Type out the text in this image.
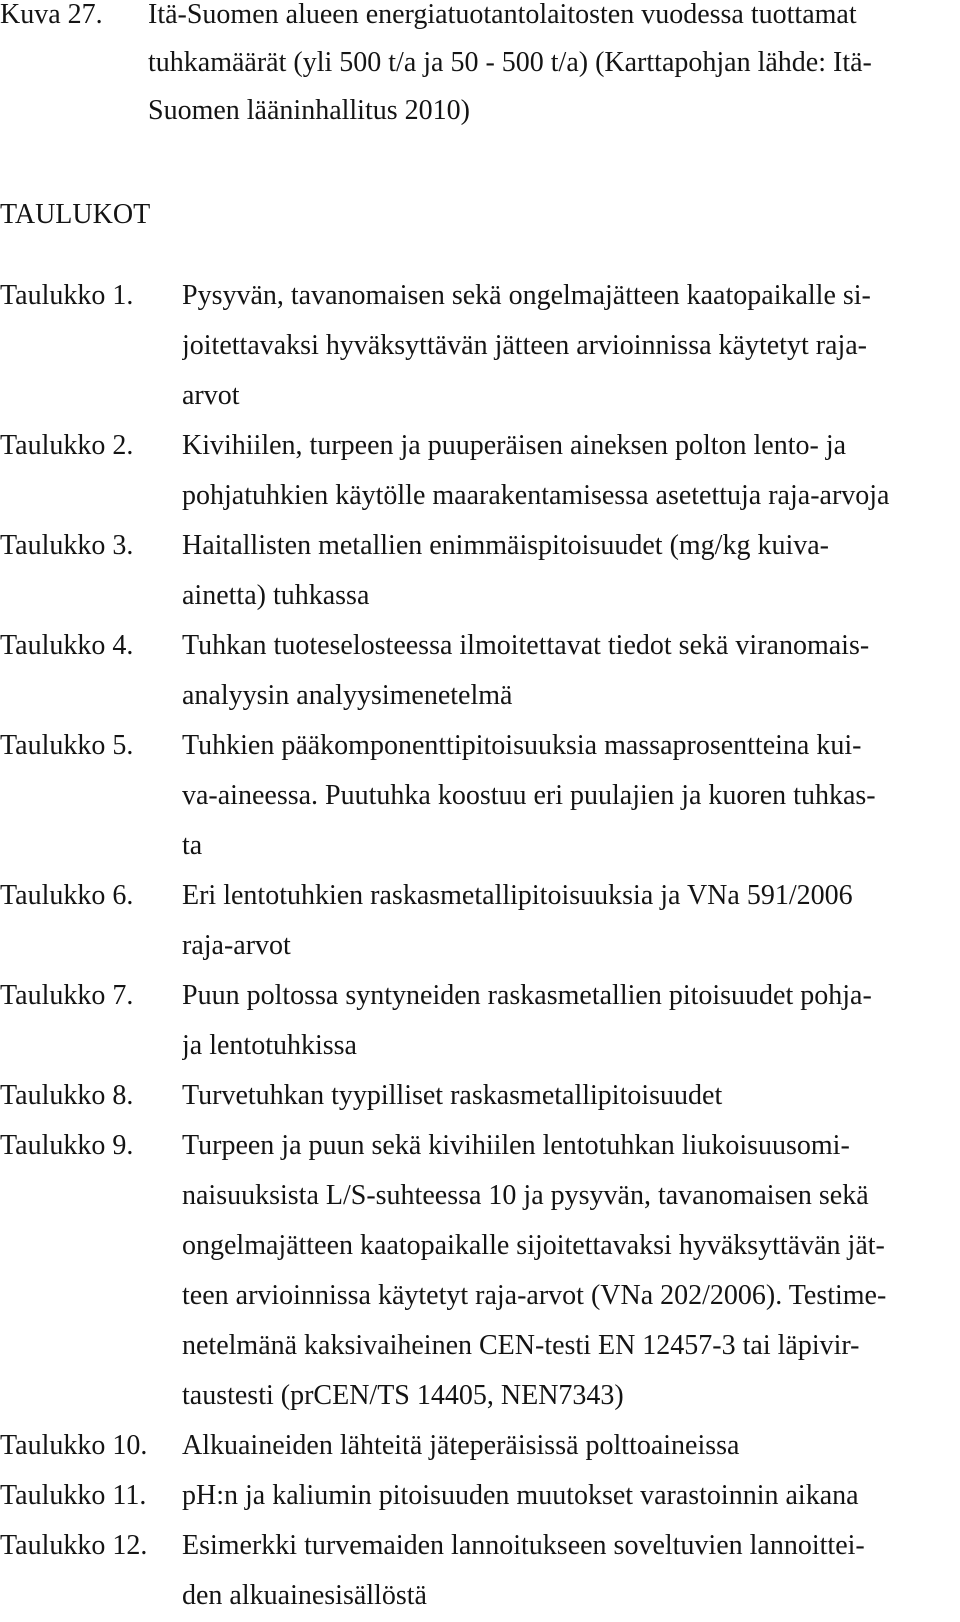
Kuva 27.	Itä-Suomen alueen energiatuotantolaitosten vuodessa tuottamat
tuhkamäärät (yli 500 t/a ja 50 - 500 t/a) (Karttapohjan lähde: Itä-
Suomen lääninhallitus 2010)
TAULUKOT
Taulukko 1.	Pysyvän, tavanomaisen sekä ongelmajätteen kaatopaikalle si-
joitettavaksi hyväksyttävän jätteen arvioinnissa käytetyt raja-
arvot
Taulukko 2.	Kivihiilen, turpeen ja puuperäisen aineksen polton lento- ja
pohjatuhkien käytölle maarakentamisessa asetettuja raja-arvoja
Taulukko 3.	Haitallisten metallien enimmäispitoisuudet (mg/kg kuiva-
ainetta) tuhkassa
Taulukko 4.	Tuhkan tuoteselosteessa ilmoitettavat tiedot sekä viranomais-
analyysin analyysimenetelmä
Taulukko 5.	Tuhkien pääkomponenttipitoisuuksia massaprosentteina kui-
va-aineessa. Puutuhka koostuu eri puulajien ja kuoren tuhkas-
ta
Taulukko 6.	Eri lentotuhkien raskasmetallipitoisuuksia ja VNa 591/2006
raja-arvot
Taulukko 7.	Puun poltossa syntyneiden raskasmetallien pitoisuudet pohja-
ja lentotuhkissa
Taulukko 8.	Turvetuhkan tyypilliset raskasmetallipitoisuudet
Taulukko 9.	Turpeen ja puun sekä kivihiilen lentotuhkan liukoisuusomi-
naisuuksista L/S-suhteessa 10 ja pysyvän, tavanomaisen sekä
ongelmajätteen kaatopaikalle sijoitettavaksi hyväksyttävän jät-
teen arvioinnissa käytetyt raja-arvot (VNa 202/2006). Testime-
netelmänä kaksivaiheinen CEN-testi EN 12457-3 tai läpivir-
taustesti (prCEN/TS 14405, NEN7343)
Taulukko 10.	Alkuaineiden lähteitä jäteperäisissä polttoaineissa
Taulukko 11.	pH:n ja kaliumin pitoisuuden muutokset varastoinnin aikana
Taulukko 12.	Esimerkki turvemaiden lannoitukseen soveltuvien lannoittei-
den alkuainesisällöstä
